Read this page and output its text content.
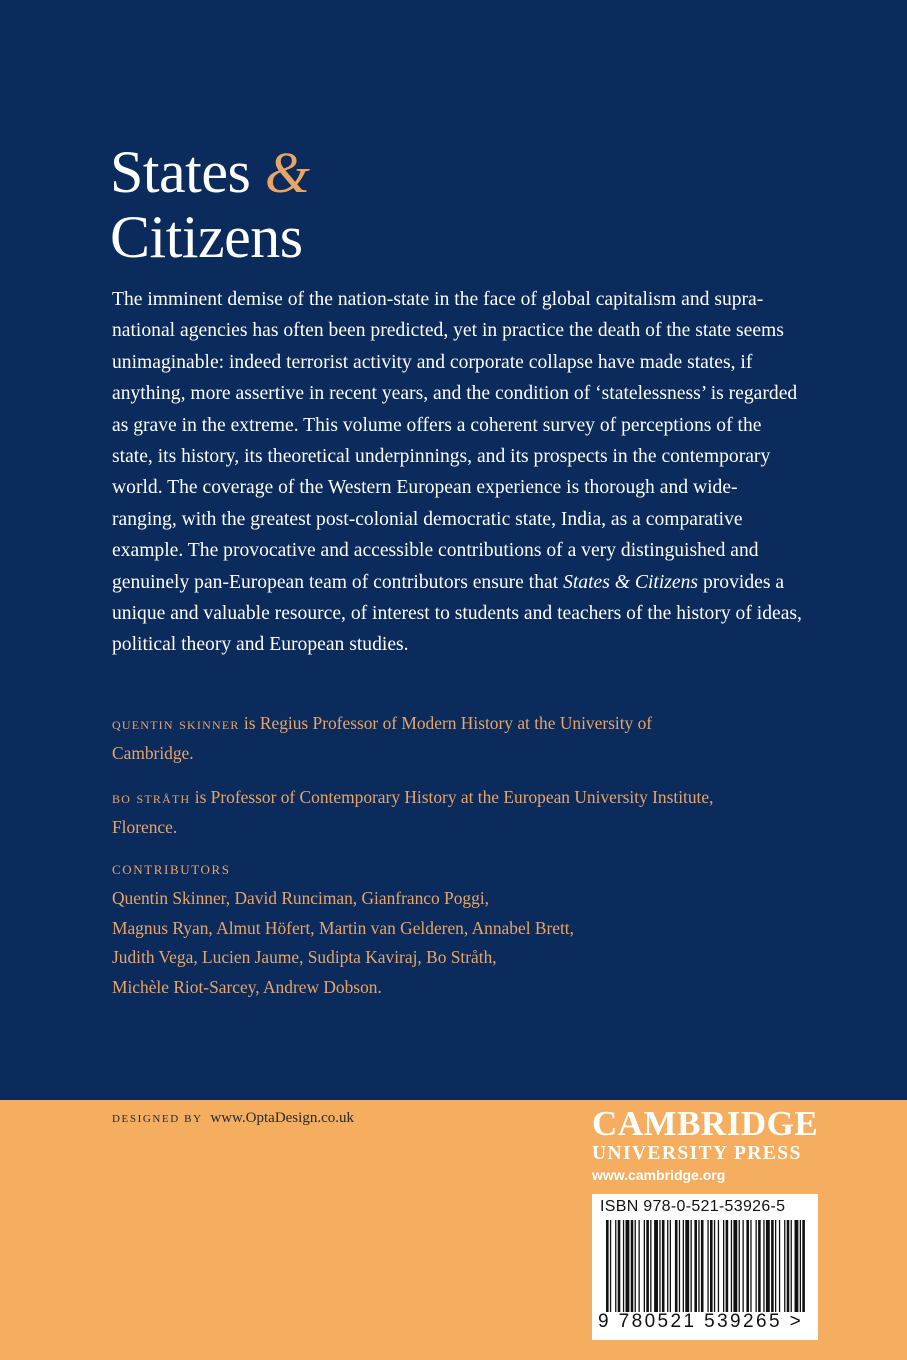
States &
Citizens

The imminent demise of the nation-state in the face of global capitalism and supra-national agencies has often been predicted, yet in practice the death of the state seems unimaginable: indeed terrorist activity and corporate collapse have made states, if anything, more assertive in recent years, and the condition of ‘statelessness’ is regarded as grave in the extreme. This volume offers a coherent survey of perceptions of the state, its history, its theoretical underpinnings, and its prospects in the contemporary world. The coverage of the Western European experience is thorough and wide-ranging, with the greatest post-colonial democratic state, India, as a comparative example. The provocative and accessible contributions of a very distinguished and genuinely pan-European team of contributors ensure that States & Citizens provides a unique and valuable resource, of interest to students and teachers of the history of ideas, political theory and European studies.

quentin skinner is Regius Professor of Modern History at the University of Cambridge.

bo stråth is Professor of Contemporary History at the European University Institute, Florence.

CONTRIBUTORS

Quentin Skinner, David Runciman, Gianfranco Poggi,
Magnus Ryan, Almut Höfert, Martin van Gelderen, Annabel Brett,
Judith Vega, Lucien Jaume, Sudipta Kaviraj, Bo Stråth,
Michèle Riot-Sarcey, Andrew Dobson.

DESIGNED BY www.OptaDesign.co.uk	CAMBRIDGE
UNIVERSITY PRESS
www.cambridge.org
ISBN 978-0-521-53926-5
9 780521 539265 >
